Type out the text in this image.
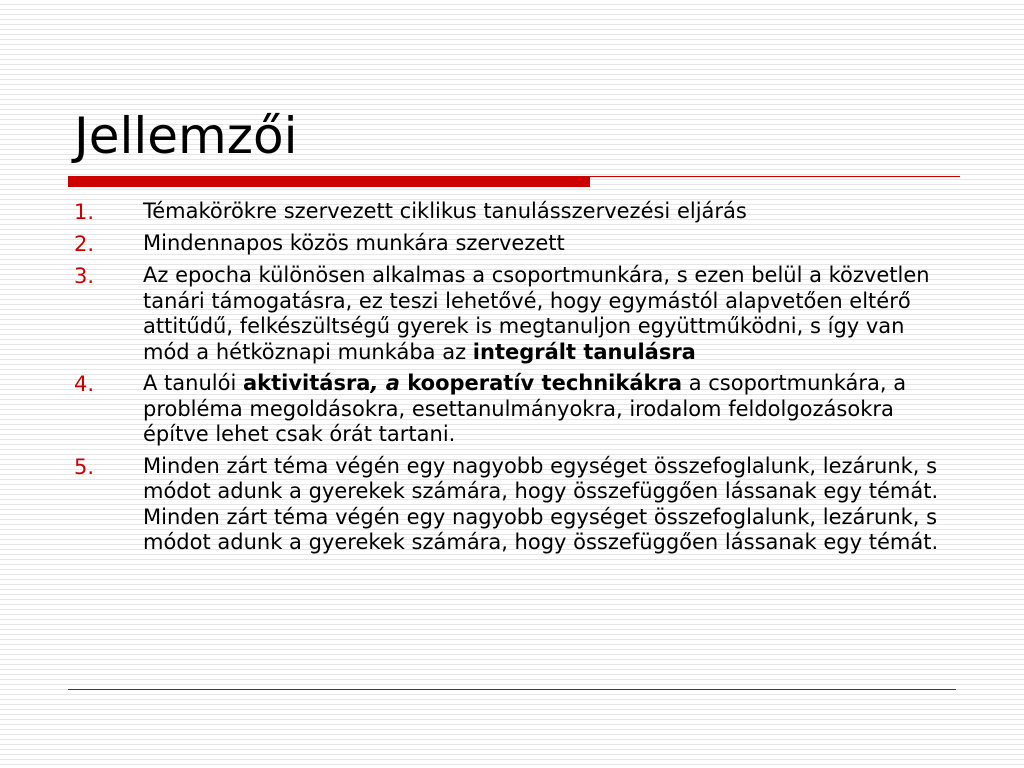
Jellemzői
1.	Témakörökre szervezett ciklikus tanulásszervezési eljárás
2.	Mindennapos közös munkára szervezett
3.	Az epocha különösen alkalmas a csoportmunkára, s ezen belül a közvetlen tanári támogatásra, ez teszi lehetővé, hogy egymástól alapvetően eltérő attitűdű, felkészültségű gyerek is megtanuljon együttműködni, s így van mód a hétköznapi munkába az integrált tanulásra
4.	A tanulói aktivitásra, a kooperatív technikákra a csoportmunkára, a probléma megoldásokra, esettanulmányokra, irodalom feldolgozásokra építve lehet csak órát tartani.
5.	Minden zárt téma végén egy nagyobb egységet összefoglalunk, lezárunk, s módot adunk a gyerekek számára, hogy összefüggően lássanak egy témát. Minden zárt téma végén egy nagyobb egységet összefoglalunk, lezárunk, s módot adunk a gyerekek számára, hogy összefüggően lássanak egy témát.
